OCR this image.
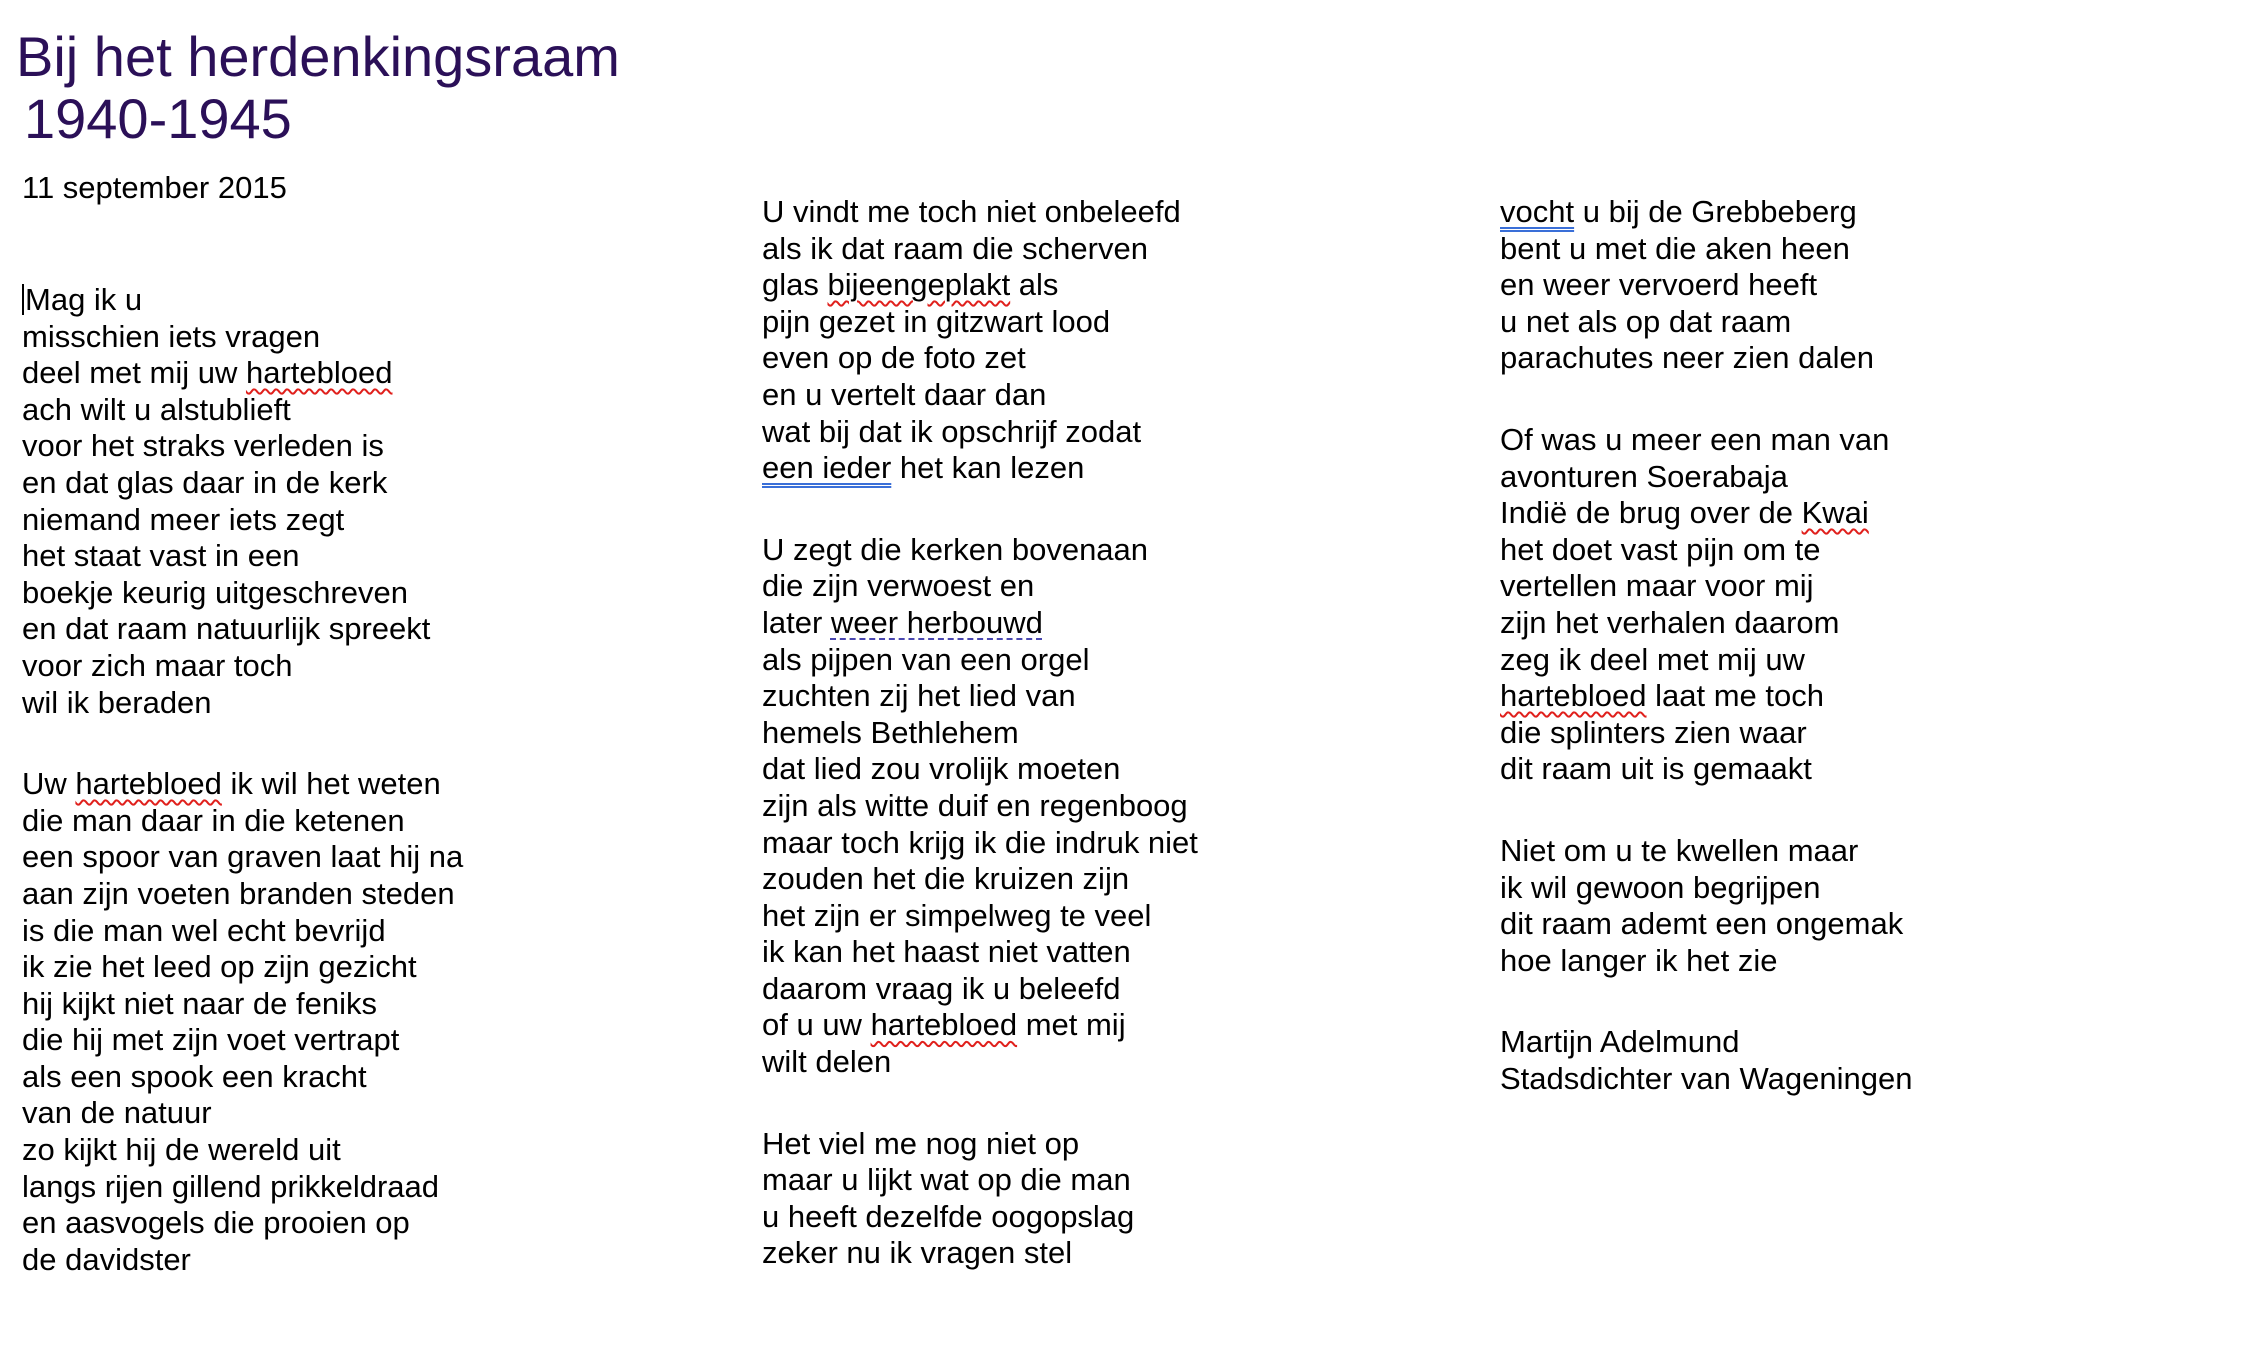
Bij het herdenkingsraam
1940-1945
11 september 2015
Mag ik u
misschien iets vragen
deel met mij uw hartebloed
ach wilt u alstublieft
voor het straks verleden is
en dat glas daar in de kerk
niemand meer iets zegt
het staat vast in een
boekje keurig uitgeschreven
en dat raam natuurlijk spreekt
voor zich maar toch
wil ik beraden
Uw hartebloed ik wil het weten
die man daar in die ketenen
een spoor van graven laat hij na
aan zijn voeten branden steden
is die man wel echt bevrijd
ik zie het leed op zijn gezicht
hij kijkt niet naar de feniks
die hij met zijn voet vertrapt
als een spook een kracht
van de natuur
zo kijkt hij de wereld uit
langs rijen gillend prikkeldraad
en aasvogels die prooien op
de davidster
U vindt me toch niet onbeleefd
als ik dat raam die scherven
glas bijeengeplakt als
pijn gezet in gitzwart lood
even op de foto zet
en u vertelt daar dan
wat bij dat ik opschrijf zodat
een ieder het kan lezen
U zegt die kerken bovenaan
die zijn verwoest en
later weer herbouwd
als pijpen van een orgel
zuchten zij het lied van
hemels Bethlehem
dat lied zou vrolijk moeten
zijn als witte duif en regenboog
maar toch krijg ik die indruk niet
zouden het die kruizen zijn
het zijn er simpelweg te veel
ik kan het haast niet vatten
daarom vraag ik u beleefd
of u uw hartebloed met mij
wilt delen
Het viel me nog niet op
maar u lijkt wat op die man
u heeft dezelfde oogopslag
zeker nu ik vragen stel
vocht u bij de Grebbeberg
bent u met die aken heen
en weer vervoerd heeft
u net als op dat raam
parachutes neer zien dalen
Of was u meer een man van
avonturen Soerabaja
Indië de brug over de Kwai
het doet vast pijn om te
vertellen maar voor mij
zijn het verhalen daarom
zeg ik deel met mij uw
hartebloed laat me toch
die splinters zien waar
dit raam uit is gemaakt
Niet om u te kwellen maar
ik wil gewoon begrijpen
dit raam ademt een ongemak
hoe langer ik het zie
Martijn Adelmund
Stadsdichter van Wageningen
